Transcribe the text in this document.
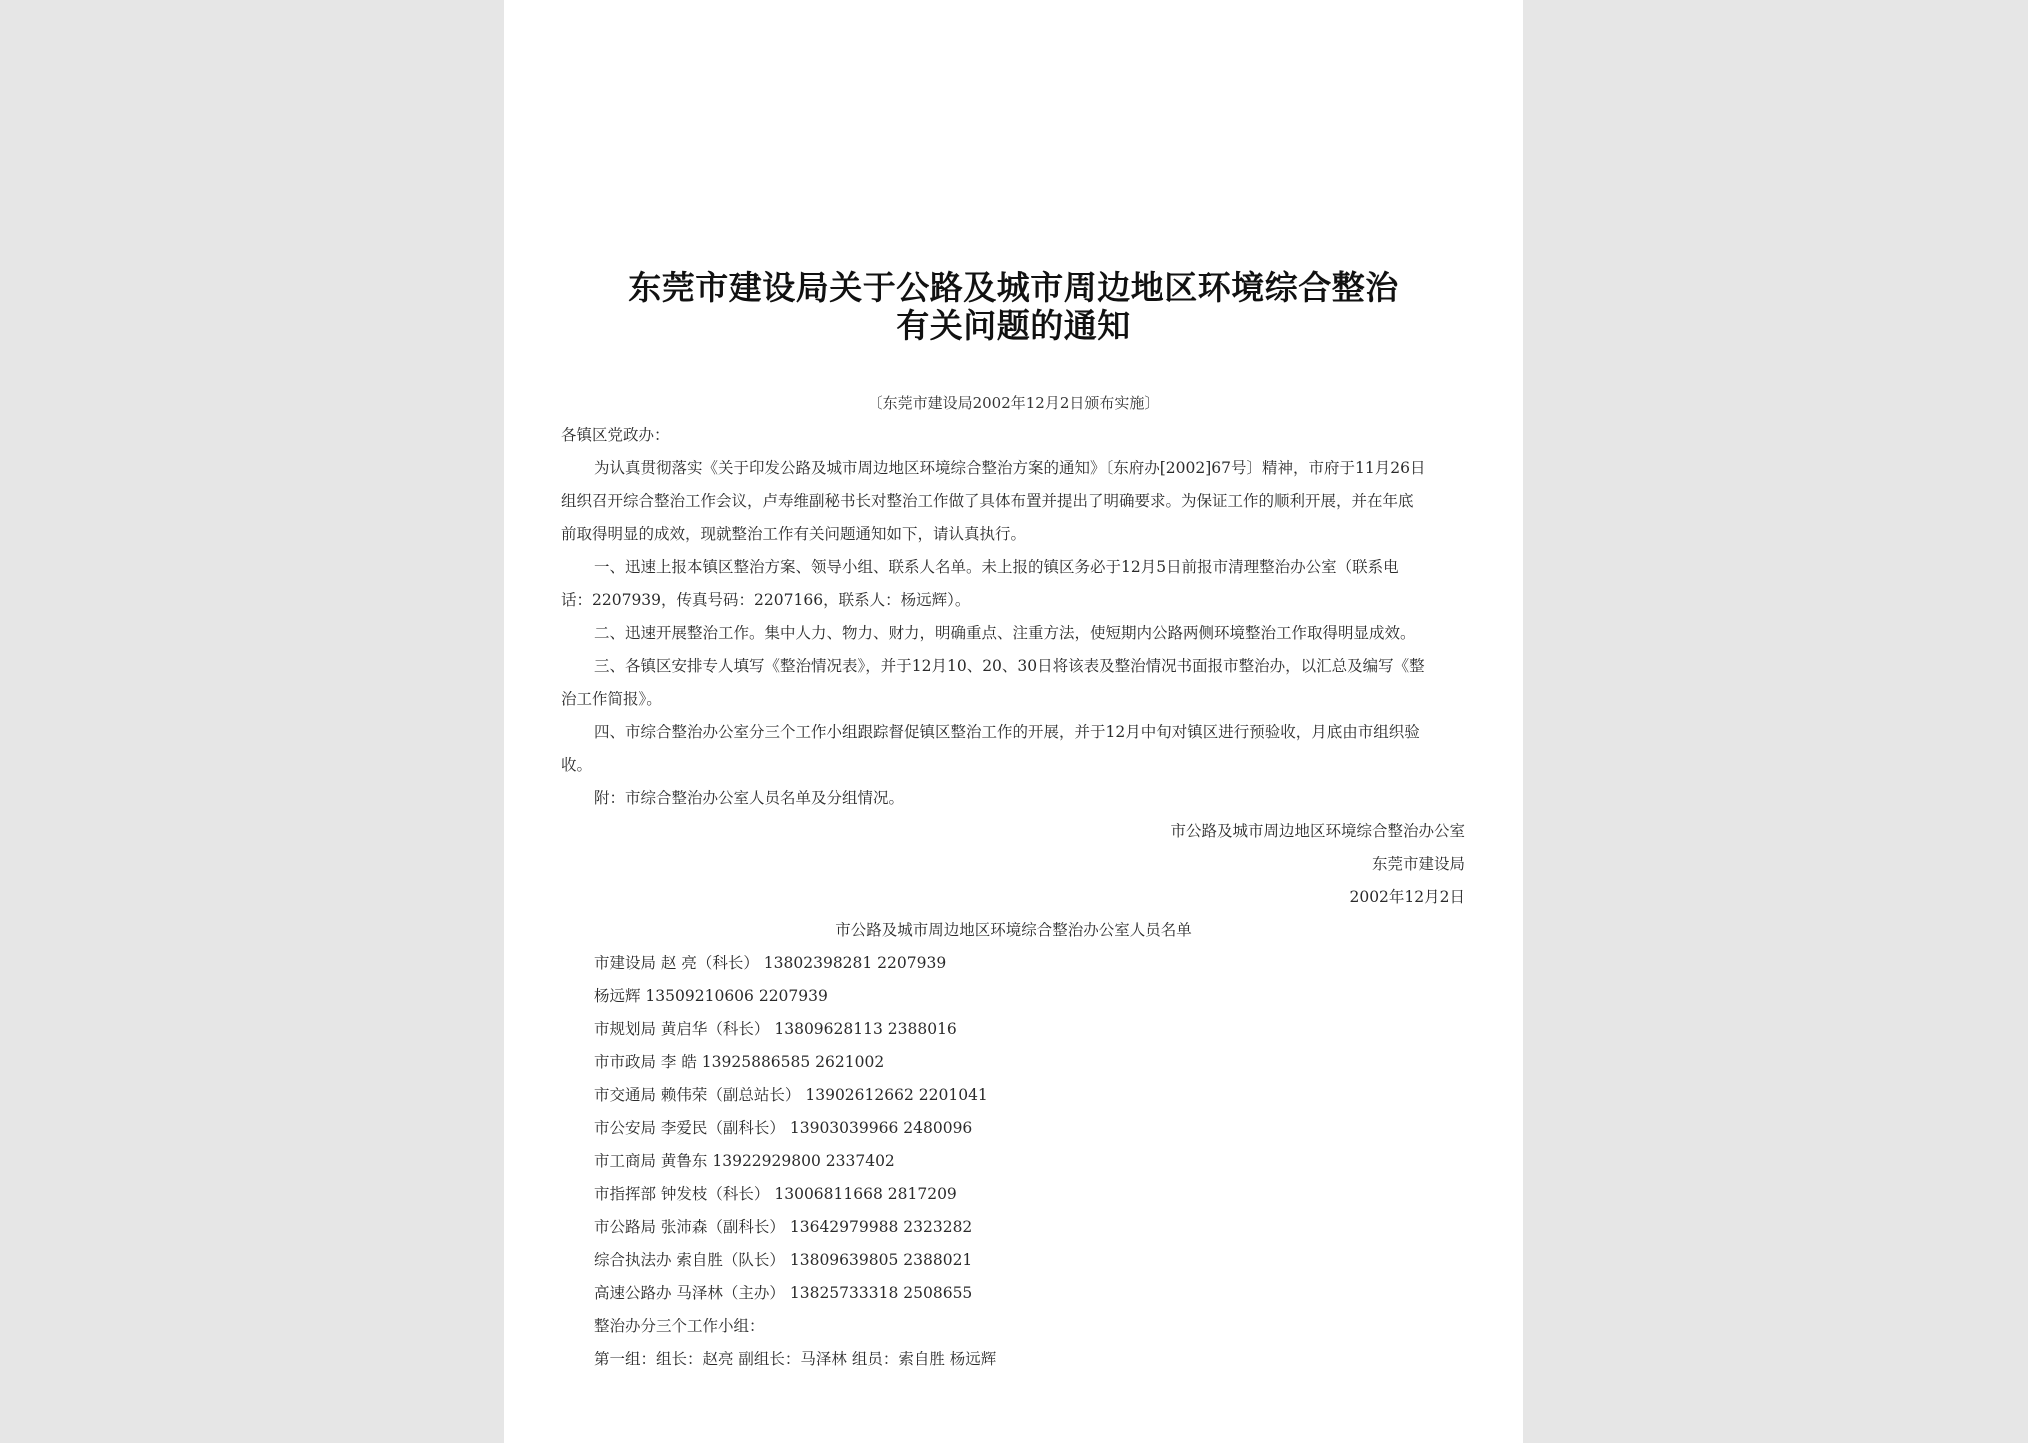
东莞市建设局关于公路及城市周边地区环境综合整治
有关问题的通知
〔东莞市建设局2002年12月2日颁布实施〕
各镇区党政办：
为认真贯彻落实《关于印发公路及城市周边地区环境综合整治方案的通知》〔东府办[2002]67号〕精神，市府于11月26日
组织召开综合整治工作会议，卢寿维副秘书长对整治工作做了具体布置并提出了明确要求。为保证工作的顺利开展，并在年底
前取得明显的成效，现就整治工作有关问题通知如下，请认真执行。
一、迅速上报本镇区整治方案、领导小组、联系人名单。未上报的镇区务必于12月5日前报市清理整治办公室（联系电
话：2207939，传真号码：2207166，联系人：杨远辉）。
二、迅速开展整治工作。集中人力、物力、财力，明确重点、注重方法，使短期内公路两侧环境整治工作取得明显成效。
三、各镇区安排专人填写《整治情况表》，并于12月10、20、30日将该表及整治情况书面报市整治办，以汇总及编写《整
治工作简报》。
四、市综合整治办公室分三个工作小组跟踪督促镇区整治工作的开展，并于12月中旬对镇区进行预验收，月底由市组织验
收。
附：市综合整治办公室人员名单及分组情况。
市公路及城市周边地区环境综合整治办公室
东莞市建设局
2002年12月2日
市公路及城市周边地区环境综合整治办公室人员名单
市建设局 赵 亮（科长） 13802398281 2207939
杨远辉 13509210606 2207939
市规划局 黄启华（科长） 13809628113 2388016
市市政局 李 皓 13925886585 2621002
市交通局 赖伟荣（副总站长） 13902612662 2201041
市公安局 李爱民（副科长） 13903039966 2480096
市工商局 黄鲁东 13922929800 2337402
市指挥部 钟发枝（科长） 13006811668 2817209
市公路局 张沛森（副科长） 13642979988 2323282
综合执法办 索自胜（队长） 13809639805 2388021
高速公路办 马泽林（主办） 13825733318 2508655
整治办分三个工作小组：
第一组：组长：赵亮 副组长：马泽林 组员：索自胜 杨远辉
